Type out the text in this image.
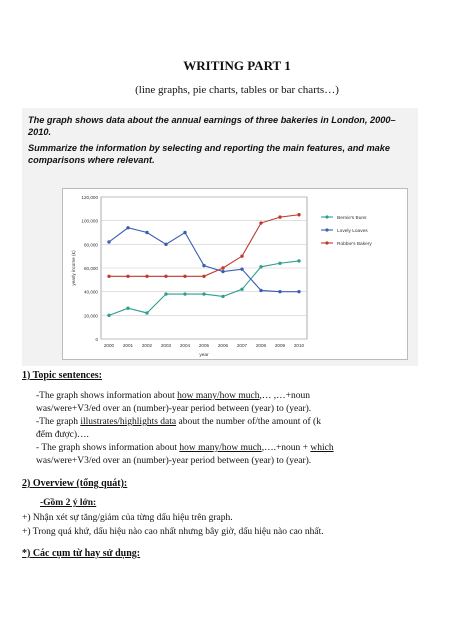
WRITING PART 1
(line graphs, pie charts, tables or bar charts…)

The graph shows data about the annual earnings of three bakeries in London, 2000–2010.

Summarize the information by selecting and reporting the main features, and make comparisons where relevant.

0
20,000
40,000
60,000
80,000
100,000
120,000
2000 2001 2002 2003 2004 2005 2006 2007 2008 2009 2010
year
yearly income (£)
Bernie's Buns
Lovely Loaves
Robbie's Bakery
1) Topic sentences:
-The graph shows information about how many/how much,… ,…+noun
was/were+V3/ed over an (number)-year period between (year) to (year).
-The graph illustrates/highlights data about the number of/the amount of (k
đếm được)….
- The graph shows information about how many/how much,….+noun + which
was/were+V3/ed over an (number)-year period between (year) to (year).
2) Overview (tổng quát):
-Gồm 2 ý lớn:
+) Nhận xét sự tăng/giảm của từng dấu hiệu trên graph.
+) Trong quá khứ, dấu hiệu nào cao nhất nhưng bây giờ, dấu hiệu nào cao nhất.
*) Các cụm từ hay sử dụng:
